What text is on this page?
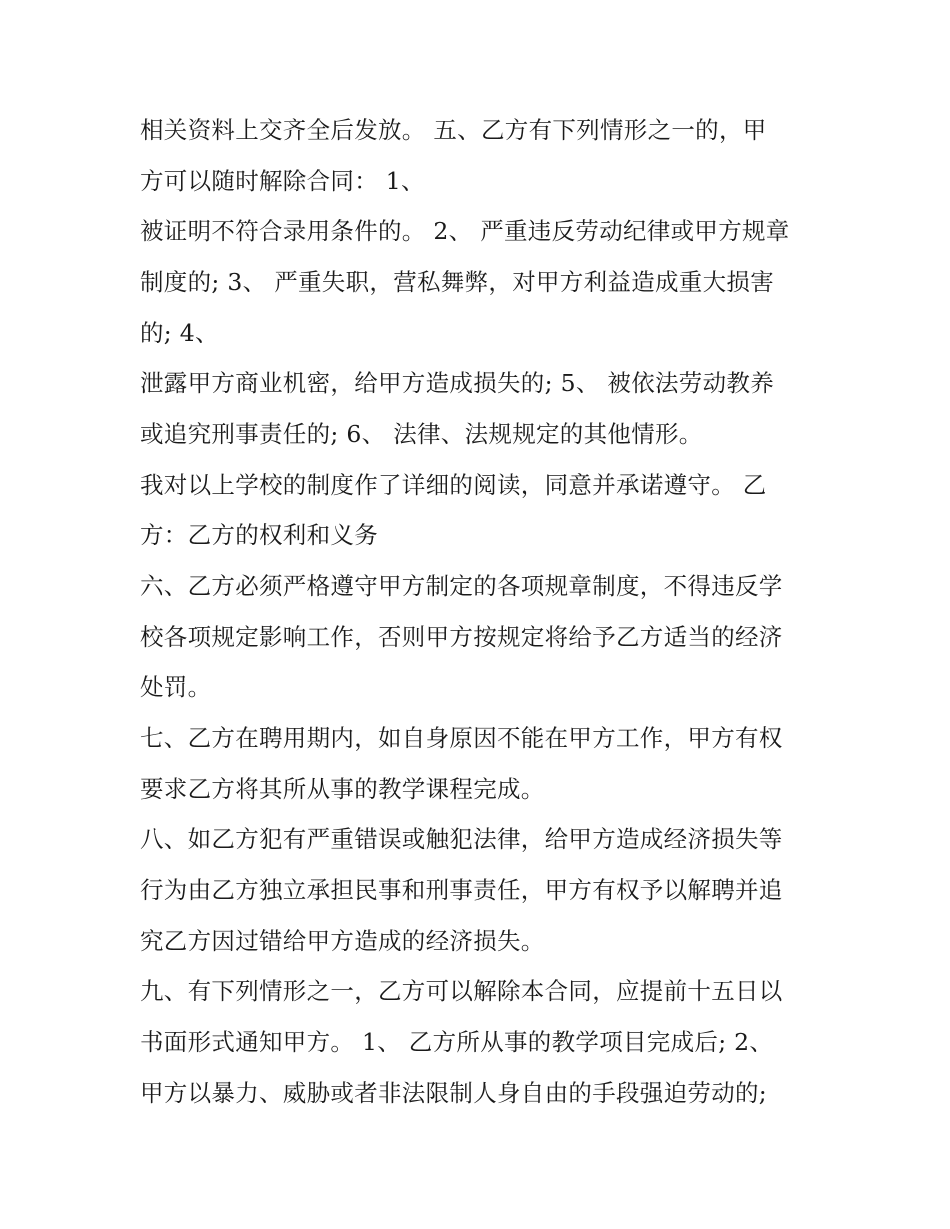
相关资料上交齐全后发放。 五、乙方有下列情形之一的，甲
方可以随时解除合同： 1、
被证明不符合录用条件的。 2、 严重违反劳动纪律或甲方规章
制度的; 3、 严重失职，营私舞弊，对甲方利益造成重大损害
的; 4、
泄露甲方商业机密，给甲方造成损失的; 5、 被依法劳动教养
或追究刑事责任的; 6、 法律、法规规定的其他情形。
我对以上学校的制度作了详细的阅读，同意并承诺遵守。 乙
方：乙方的权利和义务
六、乙方必须严格遵守甲方制定的各项规章制度，不得违反学
校各项规定影响工作，否则甲方按规定将给予乙方适当的经济
处罚。
七、乙方在聘用期内，如自身原因不能在甲方工作，甲方有权
要求乙方将其所从事的教学课程完成。
八、如乙方犯有严重错误或触犯法律，给甲方造成经济损失等
行为由乙方独立承担民事和刑事责任，甲方有权予以解聘并追
究乙方因过错给甲方造成的经济损失。
九、有下列情形之一，乙方可以解除本合同，应提前十五日以
书面形式通知甲方。 1、 乙方所从事的教学项目完成后; 2、
甲方以暴力、威胁或者非法限制人身自由的手段强迫劳动的;
